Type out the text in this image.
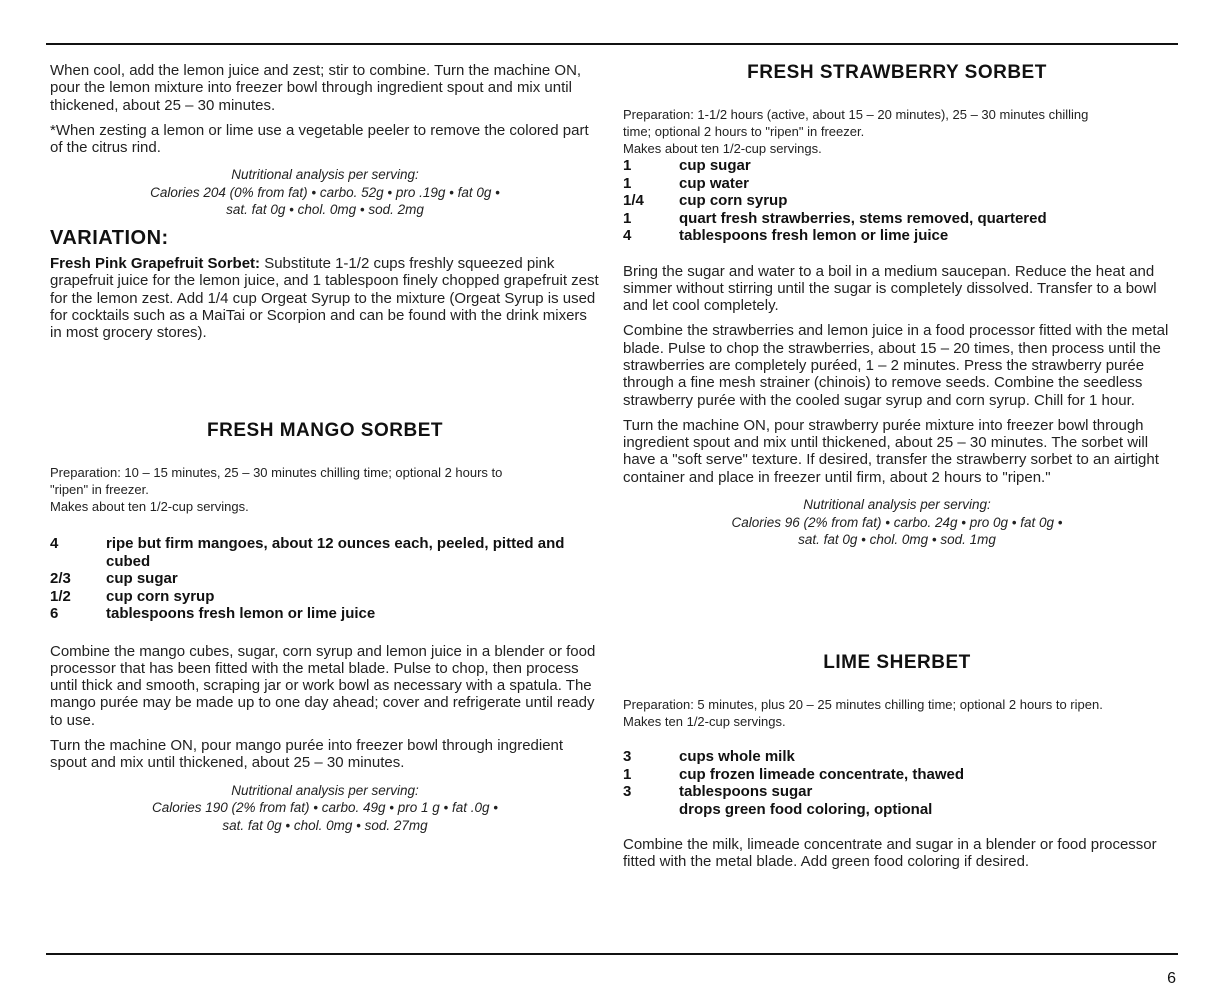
When cool, add the lemon juice and zest; stir to combine. Turn the machine ON, pour the lemon mixture into freezer bowl through ingredient spout and mix until thickened, about 25 – 30 minutes.

*When zesting a lemon or lime use a vegetable peeler to remove the colored part of the citrus rind.

Nutritional analysis per serving:
Calories 204 (0% from fat) • carbo. 52g • pro .19g • fat 0g •
sat. fat 0g • chol. 0mg • sod. 2mg
VARIATION:

Fresh Pink Grapefruit Sorbet: Substitute 1-1/2 cups freshly squeezed pink grapefruit juice for the lemon juice, and 1 tablespoon finely chopped grapefruit zest for the lemon zest. Add 1/4 cup Orgeat Syrup to the mixture (Orgeat Syrup is used for cocktails such as a MaiTai or Scorpion and can be found with the drink mixers in most grocery stores).

FRESH MANGO SORBET
Preparation: 10 – 15 minutes, 25 – 30 minutes chilling time; optional 2 hours to
"ripen" in freezer.
Makes about ten 1/2-cup servings.
4	ripe but firm mangoes, about 12 ounces each, peeled, pitted and cubed
2/3	cup sugar
1/2	cup corn syrup
6	tablespoons fresh lemon or lime juice

Combine the mango cubes, sugar, corn syrup and lemon juice in a blender or food processor that has been fitted with the metal blade. Pulse to chop, then process until thick and smooth, scraping jar or work bowl as necessary with a spatula. The mango purée may be made up to one day ahead; cover and refrigerate until ready to use.

Turn the machine ON, pour mango purée into freezer bowl through ingredient spout and mix until thickened, about 25 – 30 minutes.

Nutritional analysis per serving:
Calories 190 (2% from fat) • carbo. 49g • pro 1 g • fat .0g •
sat. fat 0g • chol. 0mg • sod. 27mg
FRESH STRAWBERRY SORBET
Preparation: 1-1/2 hours (active, about 15 – 20 minutes), 25 – 30 minutes chilling
time; optional 2 hours to "ripen" in freezer.
Makes about ten 1/2-cup servings.
1	cup sugar
1	cup water
1/4	cup corn syrup
1	quart fresh strawberries, stems removed, quartered
4	tablespoons fresh lemon or lime juice

Bring the sugar and water to a boil in a medium saucepan. Reduce the heat and simmer without stirring until the sugar is completely dissolved. Transfer to a bowl and let cool completely.

Combine the strawberries and lemon juice in a food processor fitted with the metal blade. Pulse to chop the strawberries, about 15 – 20 times, then process until the strawberries are completely puréed, 1 – 2 minutes. Press the strawberry purée through a fine mesh strainer (chinois) to remove seeds. Combine the seedless strawberry purée with the cooled sugar syrup and corn syrup. Chill for 1 hour.

Turn the machine ON, pour strawberry purée mixture into freezer bowl through ingredient spout and mix until thickened, about 25 – 30 minutes. The sorbet will have a "soft serve" texture. If desired, transfer the strawberry sorbet to an airtight container and place in freezer until firm, about 2 hours to "ripen."

Nutritional analysis per serving:
Calories 96 (2% from fat) • carbo. 24g • pro 0g • fat 0g •
sat. fat 0g • chol. 0mg • sod. 1mg
LIME SHERBET
Preparation: 5 minutes, plus 20 – 25 minutes chilling time; optional 2 hours to ripen.
Makes ten 1/2-cup servings.
3	cups whole milk
1	cup frozen limeade concentrate, thawed
3	tablespoons sugar
	drops green food coloring, optional

Combine the milk, limeade concentrate and sugar in a blender or food processor fitted with the metal blade. Add green food coloring if desired.

6
